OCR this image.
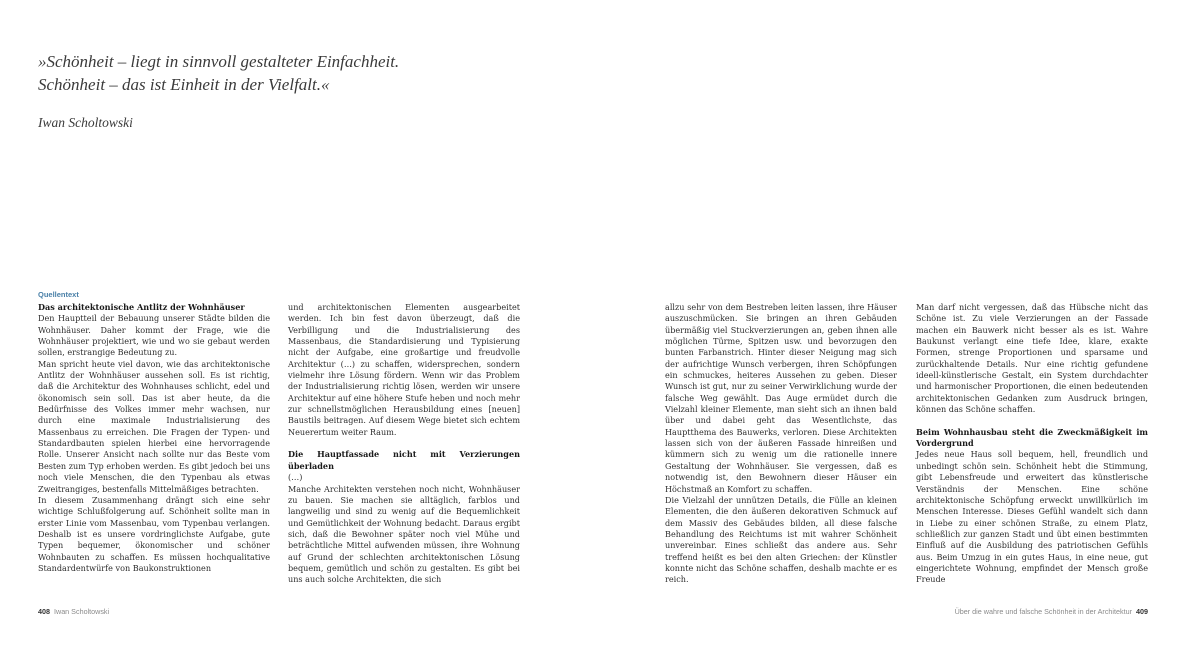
»Schönheit – liegt in sinnvoll gestalteter Einfachheit.
Schönheit – das ist Einheit in der Vielfalt.«
Iwan Scholtowski
Quellentext
Das architektonische Antlitz der Wohnhäuser

Den Hauptteil der Bebauung unserer Städte bilden die Wohnhäuser. Daher kommt der Frage, wie die Wohnhäuser projektiert, wie und wo sie gebaut werden sollen, erstrangige Bedeutung zu.

Man spricht heute viel davon, wie das architektonische Antlitz der Wohnhäuser aussehen soll. Es ist richtig, daß die Architektur des Wohnhauses schlicht, edel und ökonomisch sein soll. Das ist aber heute, da die Bedürfnisse des Volkes immer mehr wachsen, nur durch eine maximale Industrialisierung des Massenbaus zu erreichen. Die Fragen der Typen- und Standardbauten spielen hierbei eine hervorragende Rolle. Unserer Ansicht nach sollte nur das Beste vom Besten zum Typ erhoben werden. Es gibt jedoch bei uns noch viele Menschen, die den Typenbau als etwas Zweitrangiges, bestenfalls Mittelmäßiges betrachten.

In diesem Zusammenhang drängt sich eine sehr wichtige Schlußfolgerung auf. Schönheit sollte man in erster Linie vom Massenbau, vom Typenbau verlangen. Deshalb ist es unsere vordringlichste Aufgabe, gute Typen bequemer, ökonomischer und schöner Wohnbauten zu schaffen. Es müssen hochqualitative Standardentwürfe von Baukonstruktionen

und architektonischen Elementen ausgearbeitet werden. Ich bin fest davon überzeugt, daß die Verbilligung und die Industrialisierung des Massenbaus, die Standardisierung und Typisierung nicht der Aufgabe, eine großartige und freudvolle Architektur (…) zu schaffen, widersprechen, sondern vielmehr ihre Lösung fördern. Wenn wir das Problem der Industrialisierung richtig lösen, werden wir unsere Architektur auf eine höhere Stufe heben und noch mehr zur schnellstmöglichen Herausbildung eines [neuen] Baustils beitragen. Auf diesem Wege bietet sich echtem Neuerertum weiter Raum.

Die Hauptfassade nicht mit Verzierungen überladen

(…)

Manche Architekten verstehen noch nicht, Wohnhäuser zu bauen. Sie machen sie alltäglich, farblos und langweilig und sind zu wenig auf die Bequemlichkeit und Gemütlichkeit der Wohnung bedacht. Daraus ergibt sich, daß die Bewohner später noch viel Mühe und beträchtliche Mittel aufwenden müssen, ihre Wohnung auf Grund der schlechten architektonischen Lösung bequem, gemütlich und schön zu gestalten. Es gibt bei uns auch solche Architekten, die sich

allzu sehr von dem Bestreben leiten lassen, ihre Häuser auszuschmücken. Sie bringen an ihren Gebäuden übermäßig viel Stuckverzierungen an, geben ihnen alle möglichen Türme, Spitzen usw. und bevorzugen den bunten Farbanstrich. Hinter dieser Neigung mag sich der aufrichtige Wunsch verbergen, ihren Schöpfungen ein schmuckes, heiteres Aussehen zu geben. Dieser Wunsch ist gut, nur zu seiner Verwirklichung wurde der falsche Weg gewählt. Das Auge ermüdet durch die Vielzahl kleiner Elemente, man sieht sich an ihnen bald über und dabei geht das Wesentlichste, das Hauptthema des Bauwerks, verloren. Diese Architekten lassen sich von der äußeren Fassade hinreißen und kümmern sich zu wenig um die rationelle innere Gestaltung der Wohnhäuser. Sie vergessen, daß es notwendig ist, den Bewohnern dieser Häuser ein Höchstmaß an Komfort zu schaffen.

Die Vielzahl der unnützen Details, die Fülle an kleinen Elementen, die den äußeren dekorativen Schmuck auf dem Massiv des Gebäudes bilden, all diese falsche Behandlung des Reichtums ist mit wahrer Schönheit unvereinbar. Eines schließt das andere aus. Sehr treffend heißt es bei den alten Griechen: der Künstler konnte nicht das Schöne schaffen, deshalb machte er es reich.

Man darf nicht vergessen, daß das Hübsche nicht das Schöne ist. Zu viele Verzierungen an der Fassade machen ein Bauwerk nicht besser als es ist. Wahre Baukunst verlangt eine tiefe Idee, klare, exakte Formen, strenge Proportionen und sparsame und zurückhaltende Details. Nur eine richtig gefundene ideell-künstlerische Gestalt, ein System durchdachter und harmonischer Proportionen, die einen bedeutenden architektonischen Gedanken zum Ausdruck bringen, können das Schöne schaffen.

Beim Wohnhausbau steht die Zweckmäßigkeit im Vordergrund

Jedes neue Haus soll bequem, hell, freundlich und unbedingt schön sein. Schönheit hebt die Stimmung, gibt Lebensfreude und erweitert das künstlerische Verständnis der Menschen. Eine schöne architektonische Schöpfung erweckt unwillkürlich im Menschen Interesse. Dieses Gefühl wandelt sich dann in Liebe zu einer schönen Straße, zu einem Platz, schließlich zur ganzen Stadt und übt einen bestimmten Einfluß auf die Ausbildung des patriotischen Gefühls aus. Beim Umzug in ein gutes Haus, in eine neue, gut eingerichtete Wohnung, empfindet der Mensch große Freude

408 Iwan Scholtowski	Über die wahre und falsche Schönheit in der Architektur 409
